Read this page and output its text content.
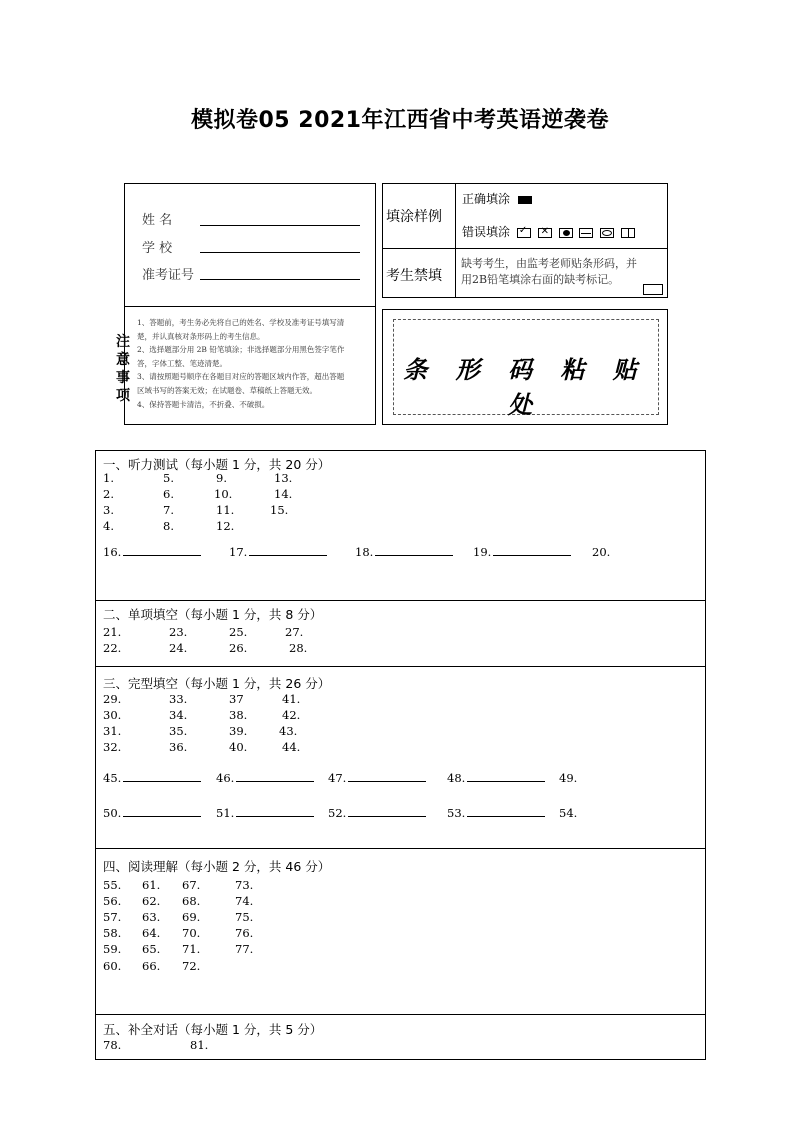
模拟卷05 2021年江西省中考英语逆袭卷
姓 名
学 校
准考证号
填涂样例
正确填涂
错误填涂 ✓
✕

考生禁填
缺考考生，由监考老师贴条形码，并
用2B铅笔填涂右面的缺考标记。
注
意
事
项
1、答题前，考生务必先将自己的姓名、学校及准考证号填写清
楚，并认真核对条形码上的考生信息。
2、选择题部分用 2B 铅笔填涂；非选择题部分用黑色签字笔作
答，字体工整、笔迹清楚。
3、请按照题号顺序在各题目对应的答题区域内作答，超出答题
区域书写的答案无效；在试题卷、草稿纸上答题无效。
4、保持答题卡清洁，不折叠、不破损。
条 形 码 粘 贴 处
一、听力测试（每小题 1 分，共 20 分）
1.	5.	9.	13.
2.	6.	10.	14.
3.	7.	11.	15.
4.	8.	12.
16.	17.	18.	19.	20.
二、单项填空（每小题 1 分，共 8 分）
21.	23.	25.	27.
22.	24.	26.	28.
三、完型填空（每小题 1 分，共 26 分）
29.	33.	37	41.
30.	34.	38.	42.
31.	35.	39.	43.
32.	36.	40.	44.
45.	46.	47.	48.	49.
50.	51.	52.	53.	54.
四、阅读理解（每小题 2 分，共 46 分）
55. 61. 67.	73.
56. 62. 68.	74.
57. 63. 69.	75.
58. 64. 70.	76.
59. 65. 71.	77.
60. 66. 72.
五、补全对话（每小题 1 分，共 5 分）
78.	81.
